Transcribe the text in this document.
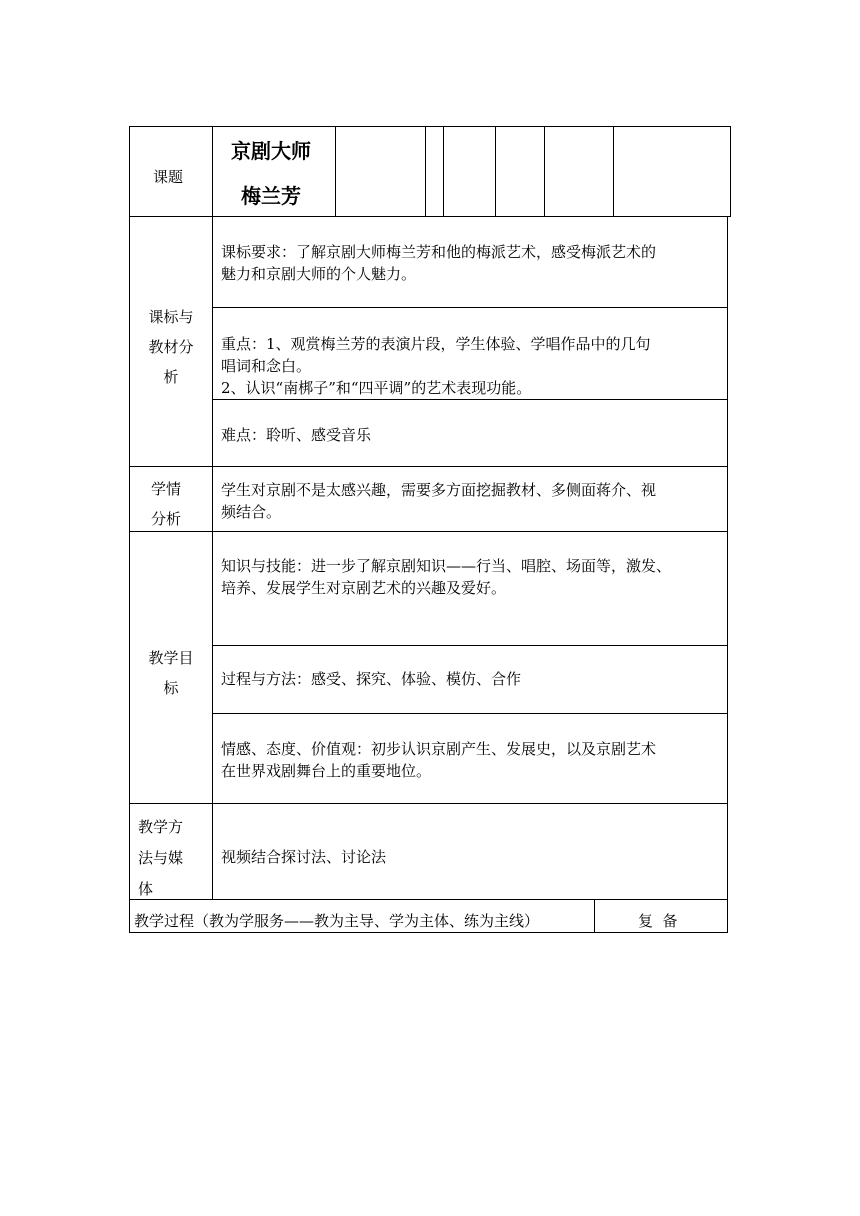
课题
京剧大师
梅兰芳
课标与
教材分
析
课标要求：了解京剧大师梅兰芳和他的梅派艺术，感受梅派艺术的
魅力和京剧大师的个人魅力。
重点：1、观赏梅兰芳的表演片段，学生体验、学唱作品中的几句
唱词和念白。
2、认识“南梆子”和“四平调”的艺术表现功能。
难点：聆听、感受音乐
学情
分析
学生对京剧不是太感兴趣，需要多方面挖掘教材、多侧面蒋介、视
频结合。
教学目
标
知识与技能：进一步了解京剧知识——行当、唱腔、场面等，激发、
培养、发展学生对京剧艺术的兴趣及爱好。
过程与方法：感受、探究、体验、模仿、合作
情感、态度、价值观：初步认识京剧产生、发展史，以及京剧艺术
在世界戏剧舞台上的重要地位。
教学方
法与媒
体
视频结合探讨法、讨论法
教学过程（教为学服务——教为主导、学为主体、练为主线）	复  备
